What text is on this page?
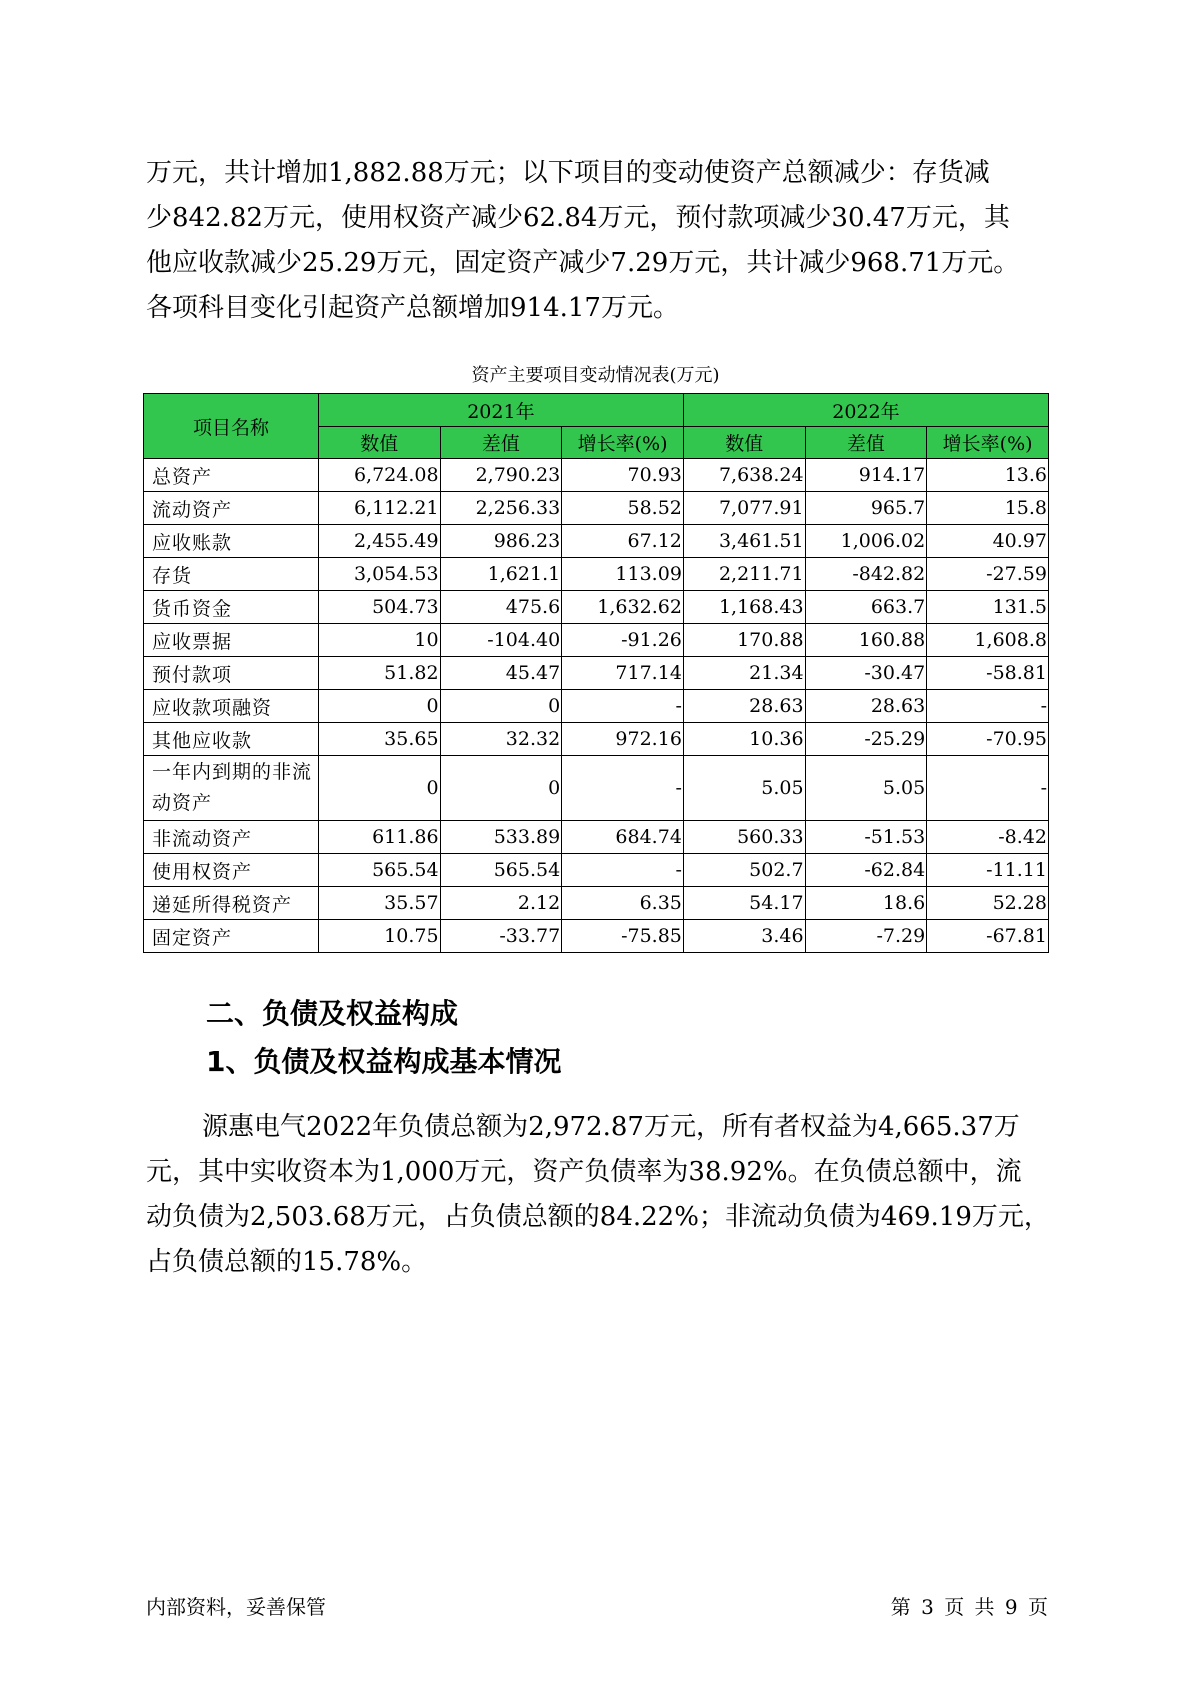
万元，共计增加1,882.88万元；以下项目的变动使资产总额减少：存货减
少842.82万元，使用权资产减少62.84万元，预付款项减少30.47万元，其
他应收款减少25.29万元，固定资产减少7.29万元，共计减少968.71万元。
各项科目变化引起资产总额增加914.17万元。
资产主要项目变动情况表(万元)
项目名称	2021年			2022年		
	数值	差值	增长率(%)	数值	差值	增长率(%)
总资产	6,724.08	2,790.23	70.93	7,638.24	914.17	13.6
流动资产	6,112.21	2,256.33	58.52	7,077.91	965.7	15.8
应收账款	2,455.49	986.23	67.12	3,461.51	1,006.02	40.97
存货	3,054.53	1,621.1	113.09	2,211.71	-842.82	-27.59
货币资金	504.73	475.6	1,632.62	1,168.43	663.7	131.5
应收票据	10	-104.40	-91.26	170.88	160.88	1,608.8
预付款项	51.82	45.47	717.14	21.34	-30.47	-58.81
应收款项融资	0	0	-	28.63	28.63	-
其他应收款	35.65	32.32	972.16	10.36	-25.29	-70.95
一年内到期的非流动资产	0	0	-	5.05	5.05	-
非流动资产	611.86	533.89	684.74	560.33	-51.53	-8.42
使用权资产	565.54	565.54	-	502.7	-62.84	-11.11
递延所得税资产	35.57	2.12	6.35	54.17	18.6	52.28
固定资产	10.75	-33.77	-75.85	3.46	-7.29	-67.81
二、负债及权益构成
1、负债及权益构成基本情况
源惠电气2022年负债总额为2,972.87万元，所有者权益为4,665.37万
元，其中实收资本为1,000万元，资产负债率为38.92%。在负债总额中，流
动负债为2,503.68万元，占负债总额的84.22%；非流动负债为469.19万元，
占负债总额的15.78%。
内部资料，妥善保管	第 3 页 共 9 页
